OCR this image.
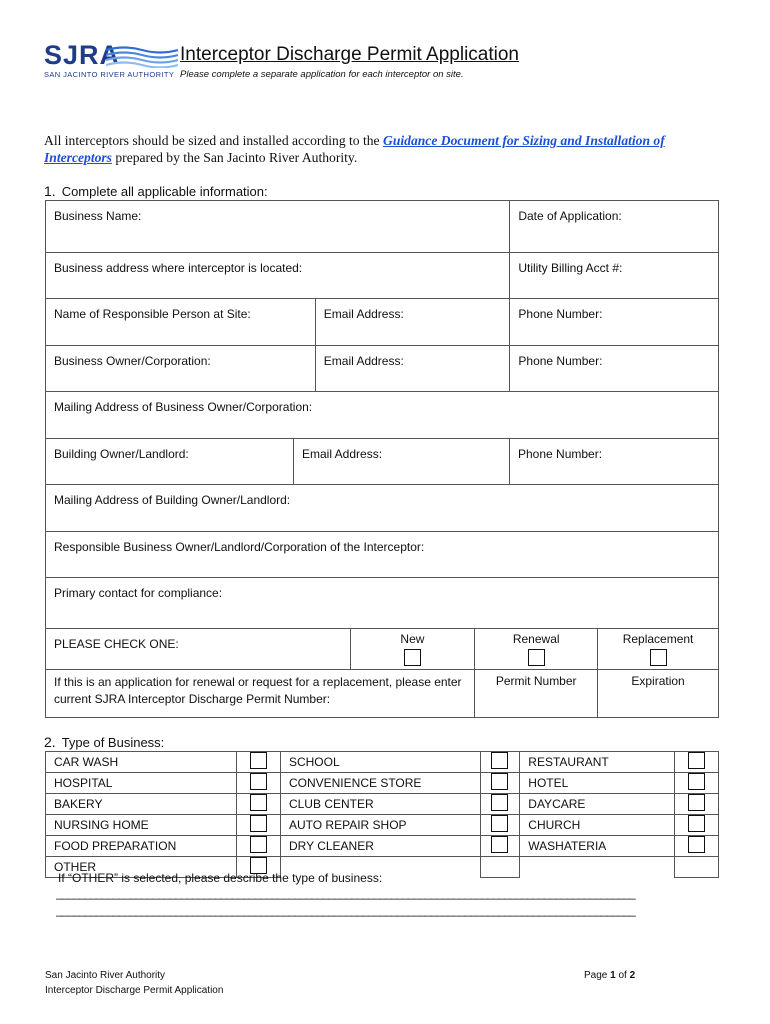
SJRA
SAN JACINTO RIVER AUTHORITY
Interceptor Discharge Permit Application
Please complete a separate application for each interceptor on site.
All interceptors should be sized and installed according to the Guidance Document for Sizing and Installation of Interceptors prepared by the San Jacinto River Authority.
1. Complete all applicable information:
Business Name:	Date of Application:

Business address where interceptor is located:	Utility Billing Acct #:
Name of Responsible Person at Site:	Email Address:	Phone Number:

Business Owner/Corporation:	Email Address:	Phone Number:

Mailing Address of Business Owner/Corporation:		
Building Owner/Landlord:	Email Address:	Phone Number:

Mailing Address of Building Owner/Landlord:

Responsible Business Owner/Landlord/Corporation of the Interceptor:

Primary contact for compliance:
PLEASE CHECK ONE:	New	Renewal	Replacement

If this is an application for renewal or request for a replacement, please enter current SJRA Interceptor Discharge Permit Number:		Permit Number	Expiration
2. Type of Business:
CAR WASH		SCHOOL		RESTAURANT	
HOSPITAL		CONVENIENCE STORE		HOTEL	
BAKERY		CLUB CENTER		DAYCARE	
NURSING HOME		AUTO REPAIR SHOP		CHURCH	
FOOD PREPARATION		DRY CLEANER		WASHATERIA	
OTHER					
If “OTHER” is selected, please describe the type of business:
______________________________________________________________________________________________________
______________________________________________________________________________________________________
San Jacinto River Authority
Interceptor Discharge Permit Application
Page 1 of 2
